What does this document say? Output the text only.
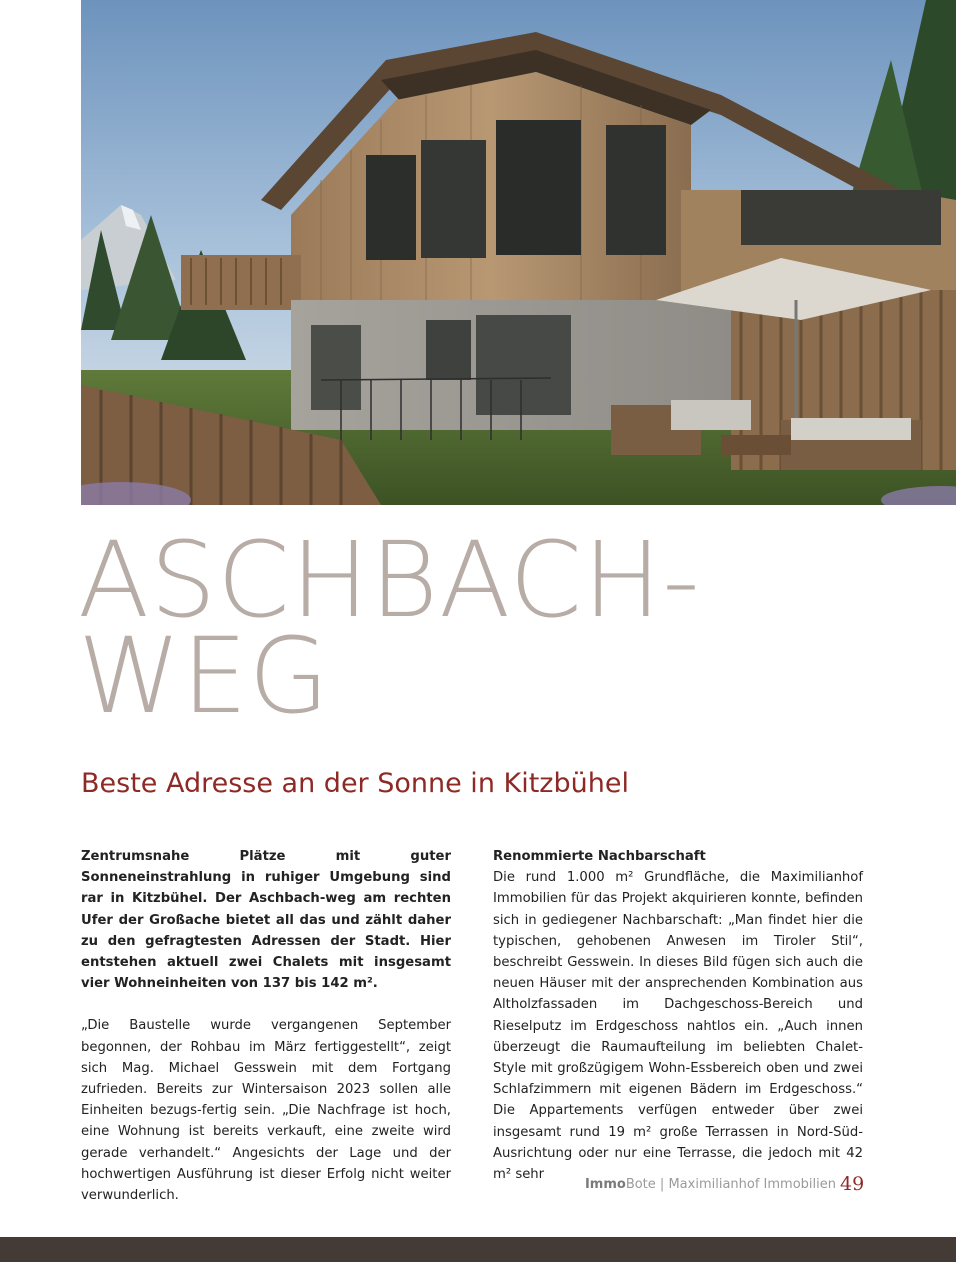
ASCHBACH-
WEG
Beste Adresse an der Sonne in Kitzbühel

Zentrumsnahe Plätze mit guter Sonneneinstrahlung in ruhiger Umgebung sind rar in Kitzbühel. Der Aschbach-weg am rechten Ufer der Großache bietet all das und zählt daher zu den gefragtesten Adressen der Stadt. Hier entstehen aktuell zwei Chalets mit insgesamt vier Wohneinheiten von 137 bis 142 m².

„Die Baustelle wurde vergangenen September begonnen, der Rohbau im März fertiggestellt“, zeigt sich Mag. Michael Gesswein mit dem Fortgang zufrieden. Bereits zur Wintersaison 2023 sollen alle Einheiten bezugs-fertig sein. „Die Nachfrage ist hoch, eine Wohnung ist bereits verkauft, eine zweite wird gerade verhandelt.“ Angesichts der Lage und der hochwertigen Ausführung ist dieser Erfolg nicht weiter verwunderlich.

Renommierte Nachbarschaft

Die rund 1.000 m² Grundfläche, die Maximilianhof Immobilien für das Projekt akquirieren konnte, befinden sich in gediegener Nachbarschaft: „Man findet hier die typischen, gehobenen Anwesen im Tiroler Stil“, beschreibt Gesswein. In dieses Bild fügen sich auch die neuen Häuser mit der ansprechenden Kombination aus Altholzfassaden im Dachgeschoss-Bereich und Rieselputz im Erdgeschoss nahtlos ein. „Auch innen überzeugt die Raumaufteilung im beliebten Chalet-Style mit großzügigem Wohn-Essbereich oben und zwei Schlafzimmern mit eigenen Bädern im Erdgeschoss.“ Die Appartements verfügen entweder über zwei insgesamt rund 19 m² große Terrassen in Nord-Süd-Ausrichtung oder nur eine Terrasse, die jedoch mit 42 m² sehr

ImmoBote | Maximilianhof Immobilien 49
